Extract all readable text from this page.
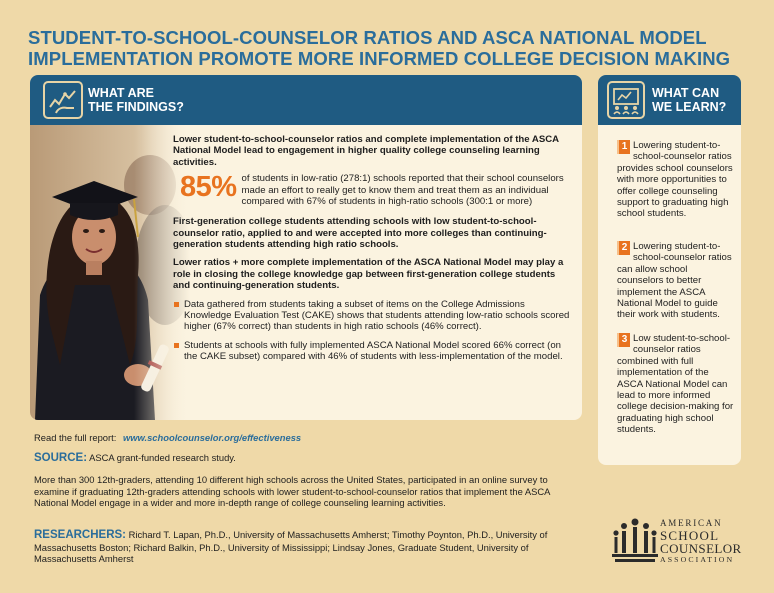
STUDENT-TO-SCHOOL-COUNSELOR RATIOS AND ASCA NATIONAL MODEL
IMPLEMENTATION PROMOTE MORE INFORMED COLLEGE DECISION MAKING
WHAT ARE
THE FINDINGS?

Lower student-to-school-counselor ratios and complete implementation of the ASCA National Model lead to engagement in higher quality college counseling learning activities.

85% of students in low-ratio (278:1) schools reported that their school counselors made an effort to really get to know them and treat them as an individual compared with 67% of students in high-ratio schools (300:1 or more)

First-generation college students attending schools with low student-to-school-counselor ratio, applied to and were accepted into more colleges than continuing-generation students attending high ratio schools.

Lower ratios + more complete implementation of the ASCA National Model may play a role in closing the college knowledge gap between first-generation college students and continuing-generation students.

Data gathered from students taking a subset of items on the College Admissions Knowledge Evaluation Test (CAKE) shows that students attending low-ratio schools scored higher (67% correct) than students in high ratio schools (46% correct).
Students at schools with fully implemented ASCA National Model scored 66% correct (on the CAKE subset) compared with 46% of students with less-implementation of the model.
WHAT CAN
WE LEARN?
1 Lowering student-to-school-counselor ratios provides school counselors with more opportunities to offer college counseling support to graduating high school students.
2 Lowering student-to-school-counselor ratios can allow school counselors to better implement the ASCA National Model to guide their work with students.
3 Low student-to-school-counselor ratios combined with full implementation of the ASCA National Model can lead to more informed college decision-making for graduating high school students.
Read the full report: www.schoolcounselor.org/effectiveness
SOURCE: ASCA grant-funded research study.
More than 300 12th-graders, attending 10 different high schools across the United States, participated in an online survey to examine if graduating 12th-graders attending schools with lower student-to-school-counselor ratios that implement the ASCA National Model engage in a wider and more in-depth range of college counseling learning activities.
RESEARCHERS: Richard T. Lapan, Ph.D., University of Massachusetts Amherst; Timothy Poynton, Ph.D., University of Massachusetts Boston; Richard Balkin, Ph.D., University of Mississippi; Lindsay Jones, Graduate Student, University of Massachusetts Amherst
AMERICAN
SCHOOL
COUNSELOR
ASSOCIATION
